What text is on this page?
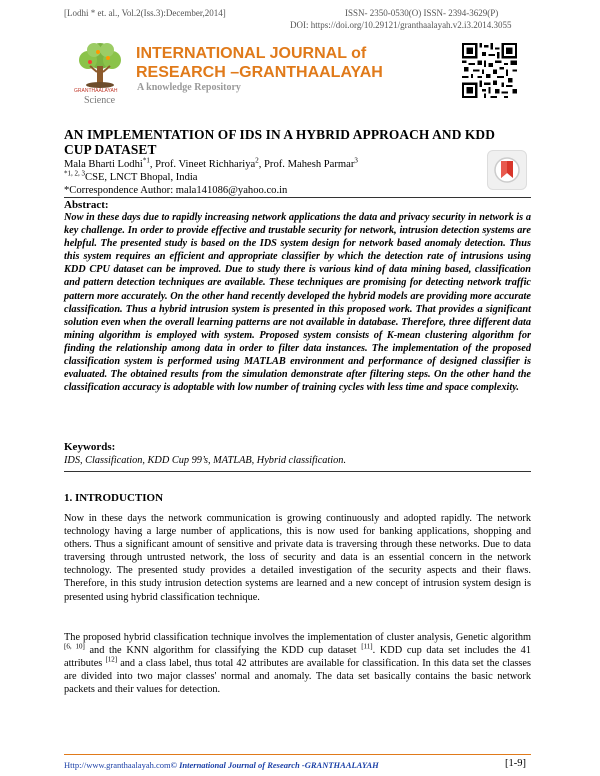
[Lodhi * et. al., Vol.2(Iss.3):December,2014]	ISSN- 2350-0530(O) ISSN- 2394-3629(P)
DOI: https://doi.org/10.29121/granthaalayah.v2.i3.2014.3055
GRANTHAALAYAH
INTERNATIONAL JOURNAL of
RESEARCH –GRANTHAALAYAH
A knowledge Repository
Science
AN IMPLEMENTATION OF IDS IN A HYBRID APPROACH AND KDD
CUP DATASET
Mala Bharti Lodhi$^{*1}$, Prof. Vineet Richhariya$^2$, Prof. Mahesh Parmar$^3$
$^{*1, 2, 3}$CSE, LNCT Bhopal, India
*Correspondence Author: mala141086@yahoo.co.in
Abstract:
Now in these days due to rapidly increasing network applications the data and privacy security in network is a key challenge. In order to provide effective and trustable security for network, intrusion detection systems are helpful. The presented study is based on the IDS system design for network based anomaly detection. Thus this system requires an efficient and appropriate classifier by which the detection rate of intrusions using KDD CPU dataset can be improved. Due to study there is various kind of data mining based, classification and pattern detection techniques are available. These techniques are promising for detecting network traffic pattern more accurately. On the other hand recently developed the hybrid models are providing more accurate classification. Thus a hybrid intrusion system is presented in this proposed work. That provides a significant solution even when the overall learning patterns are not available in database. Therefore, three different data mining algorithm is employed with system. Proposed system consists of K-mean clustering algorithm for finding the relationship among data in order to filter data instances. The implementation of the proposed classification system is performed using MATLAB environment and performance of designed classifier is evaluated. The obtained results from the simulation demonstrate after filtering steps. On the other hand the classification accuracy is adoptable with low number of training cycles with less time and space complexity.
Keywords:
IDS, Classification, KDD Cup 99’s, MATLAB, Hybrid classification.
1. INTRODUCTION
Now in these days the network communication is growing continuously and adopted rapidly. The network technology having a large number of applications, this is now used for banking applications, shopping and others. Thus a significant amount of sensitive and private data is traversing through these networks. Due to data traversing through untrusted network, the loss of security and data is an essential concern in the network technology. The presented study provides a detailed investigation of the security aspects and their flaws. Therefore, in this study intrusion detection systems are learned and a new concept of intrusion system design is presented using hybrid classification technique.
The proposed hybrid classification technique involves the implementation of cluster analysis, Genetic algorithm [6, 10] and the KNN algorithm for classifying the KDD cup dataset [11]. KDD cup data set includes the 41 attributes [12] and a class label, thus total 42 attributes are available for classification. In this data set the classes are divided into two major classes' normal and anomaly. The data set basically contains the basic network packets and their values for detection.
Http://www.granthaalayah.com© International Journal of Research -GRANTHAALAYAH	[1-9]
